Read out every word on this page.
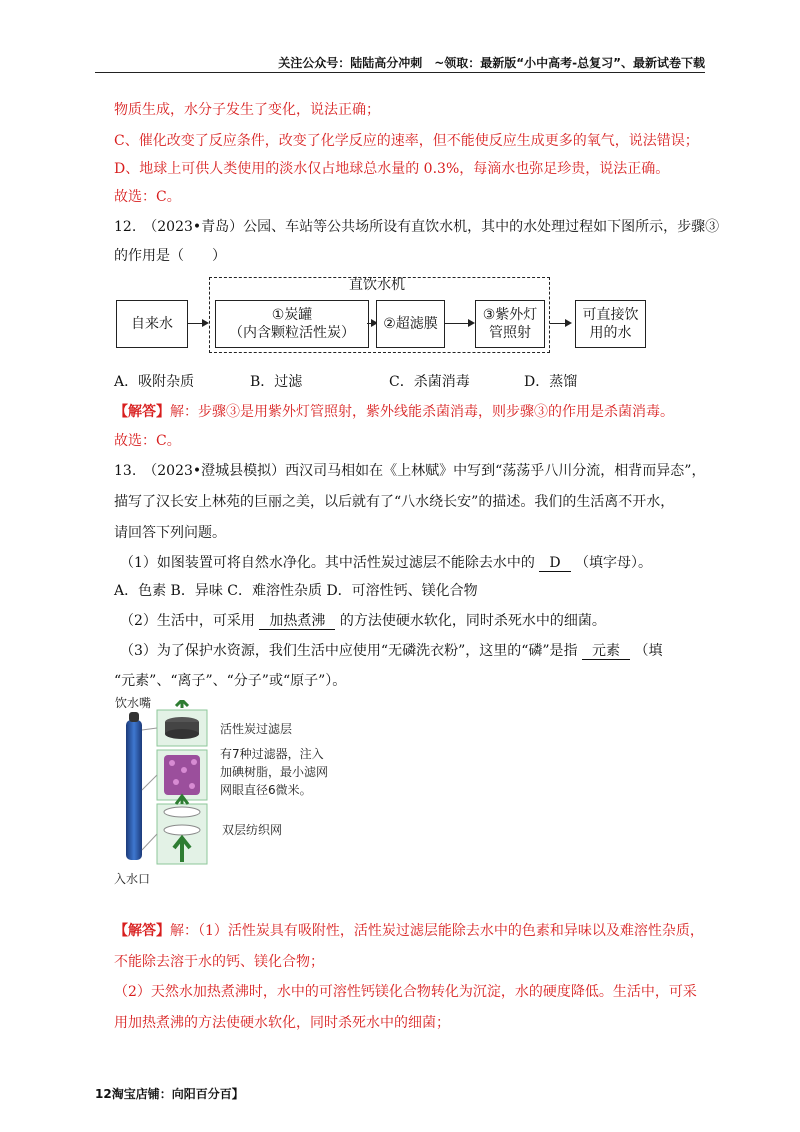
关注公众号：陆陆高分冲刺　~领取：最新版“小中高考-总复习”、最新试卷下载
物质生成，水分子发生了变化，说法正确；
C、催化改变了反应条件，改变了化学反应的速率，但不能使反应生成更多的氧气，说法错误；
D、地球上可供人类使用的淡水仅占地球总水量的 0.3%，每滴水也弥足珍贵，说法正确。
故选：C。
12.　（2023•青岛）公园、车站等公共场所设有直饮水机，其中的水处理过程如下图所示，步骤③
的作用是（　　）
直饮水机
自来水
①炭罐
（内含颗粒活性炭）
②超滤膜
③紫外灯
管照射
可直接饮
用的水
A．吸附杂质	B．过滤	C．杀菌消毒	D．蒸馏
【解答】解：步骤③是用紫外灯管照射，紫外线能杀菌消毒，则步骤③的作用是杀菌消毒。
故选：C。
13.　（2023•澄城县模拟）西汉司马相如在《上林赋》中写到“荡荡乎八川分流，相背而异态”，
描写了汉长安上林苑的巨丽之美，以后就有了“八水绕长安”的描述。我们的生活离不开水，
请回答下列问题。
（1）如图装置可将自然水净化。其中活性炭过滤层不能除去水中的 D （填字母）。
A．色素 B．异味 C．难溶性杂质 D．可溶性钙、镁化合物
（2）生活中，可采用 加热煮沸 的方法使硬水软化，同时杀死水中的细菌。
（3）为了保护水资源，我们生活中应使用“无磷洗衣粉”，这里的“磷”是指 元素 （填
“元素”、“离子”、“分子”或“原子”）。
饮水嘴
入水口
活性炭过滤层
有7种过滤器，注入
加碘树脂，最小滤网
网眼直径6微米。
双层纺织网
【解答】解：（1）活性炭具有吸附性，活性炭过滤层能除去水中的色素和异味以及难溶性杂质，
不能除去溶于水的钙、镁化合物；
（2）天然水加热煮沸时，水中的可溶性钙镁化合物转化为沉淀，水的硬度降低。生活中，可采
用加热煮沸的方法使硬水软化，同时杀死水中的细菌；
12淘宝店铺：向阳百分百】
